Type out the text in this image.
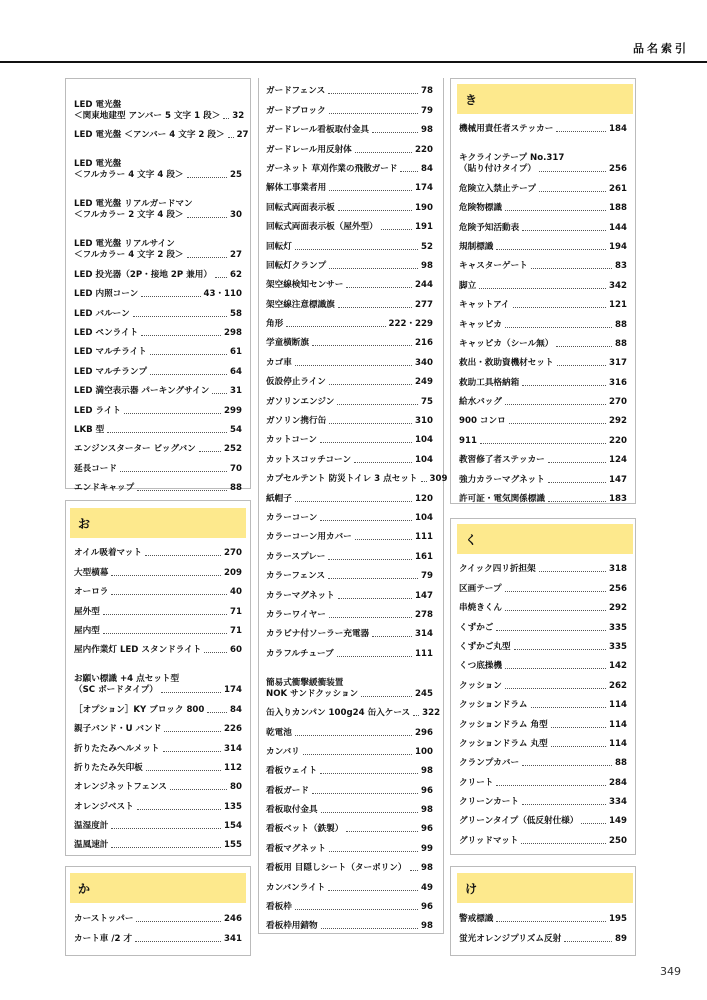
品名索引
LED 電光盤
＜関東地建型 アンバー 5 文字 1 段＞ 32
LED 電光盤 ＜アンバー 4 文字 2 段＞ 27
LED 電光盤
＜フルカラー 4 文字 4 段＞	25
LED 電光盤 リアルガードマン
＜フルカラー 2 文字 4 段＞	30
LED 電光盤 リアルサイン
＜フルカラー 4 文字 2 段＞	27
LED 投光器（2P・接地 2P 兼用） 62
LED 内照コーン	43・110
LED バルーン	58
LED ペンライト	298
LED マルチライト	61
LED マルチランプ	64
LED 満空表示器 パーキングサイン 31
LED ライト	299
LKB 型	54
エンジンスターター ビッグバン	252
延長コード	70
エンドキャップ	88
お
オイル吸着マット	270
大型横幕	209
オーロラ	40
屋外型	71
屋内型	71
屋内作業灯 LED スタンドライト	60
お願い標識 +4 点セット型
（SC ボードタイプ）	174
［オプション］KY ブロック 800	84
親子バンド・U バンド	226
折りたたみヘルメット	314
折りたたみ矢印板	112
オレンジネットフェンス	80
オレンジベスト	135
温湿度計	154
温風速計	155
か
カーストッパー	246
カート車 /2 才	341
ガードフェンス	78
ガードブロック	79
ガードレール看板取付金具	98
ガードレール用反射体	220
ガーネット 草刈作業の飛散ガード	84
解体工事業者用	174
回転式両面表示板	190
回転式両面表示板（屋外型）	191
回転灯	52
回転灯クランプ	98
架空線検知センサー	244
架空線注意標識旗	277
角形	222・229
学童横断旗	216
カゴ車	340
仮設停止ライン	249
ガソリンエンジン	75
ガソリン携行缶	310
カットコーン	104
カットスコッチコーン	104
カプセルテント 防災トイレ 3 点セット 309
紙帽子	120
カラーコーン	104
カラーコーン用カバー	111
カラースプレー	161
カラーフェンス	79
カラーマグネット	147
カラーワイヤー	278
カラビナ付ソーラー充電器	314
カラフルチューブ	111
簡易式衝撃緩衝装置
NOK サンドクッション	245
缶入りカンパン 100g24 缶入ケース 322
乾電池	296
カンバリ	100
看板ウェイト	98
看板ガード	96
看板取付金具	98
看板ベット（鉄製）	96
看板マグネット	99
看板用 目隠しシート（ターポリン） 98
カンバンライト	49
看板枠	96
看板枠用錆物	98
き
機械用責任者ステッカー	184
キクラインテープ No.317
（貼り付けタイプ）	256
危険立入禁止テープ	261
危険物標識	188
危険予知活動表	144
規制標識	194
キャスターゲート	83
脚立	342
キャットアイ	121
キャッピカ	88
キャッピカ（シール無）	88
救出・救助資機材セット	317
救助工具格納箱	316
給水バッグ	270
900 コンロ	292
911	220
教習修了者ステッカー	124
強力カラーマグネット	147
許可証・電気関係標識	183
く
クイック四リ折担架	318
区画テープ	256
串焼きくん	292
くずかご	335
くずかご丸型	335
くつ底操機	142
クッション	262
クッションドラム	114
クッションドラム 角型	114
クッションドラム 丸型	114
クランプカバー	88
クリート	284
クリーンカート	334
グリーンタイプ（低反射仕様）	149
グリッドマット	250
け
警戒標識	195
蛍光オレンジプリズム反射	89
349
